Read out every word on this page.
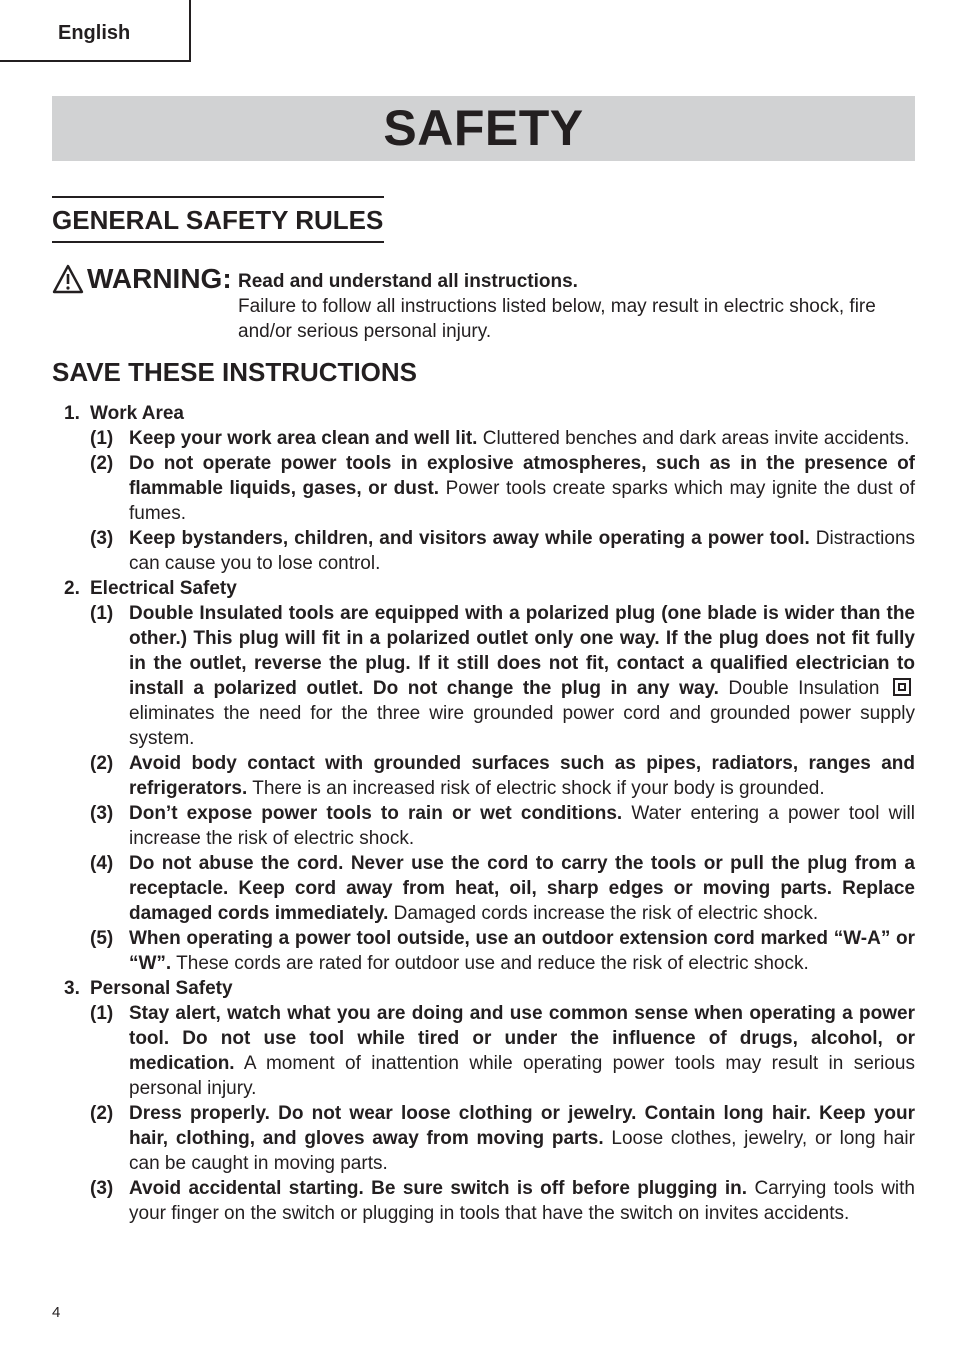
English
SAFETY
GENERAL SAFETY RULES
WARNING: Read and understand all instructions.
Failure to follow all instructions listed below, may result in electric shock, fire and/or serious personal injury.
SAVE THESE INSTRUCTIONS
1. Work Area
(1) Keep your work area clean and well lit. Cluttered benches and dark areas invite accidents.
(2) Do not operate power tools in explosive atmospheres, such as in the presence of flammable liquids, gases, or dust. Power tools create sparks which may ignite the dust of fumes.
(3) Keep bystanders, children, and visitors away while operating a power tool. Distractions can cause you to lose control.
2. Electrical Safety
(1) Double Insulated tools are equipped with a polarized plug (one blade is wider than the other.) This plug will fit in a polarized outlet only one way. If the plug does not fit fully in the outlet, reverse the plug. If it still does not fit, contact a qualified electrician to install a polarized outlet. Do not change the plug in any way. Double Insulation  eliminates the need for the three wire grounded power cord and grounded power supply system.
(2) Avoid body contact with grounded surfaces such as pipes, radiators, ranges and refrigerators. There is an increased risk of electric shock if your body is grounded.
(3) Don’t expose power tools to rain or wet conditions. Water entering a power tool will increase the risk of electric shock.
(4) Do not abuse the cord. Never use the cord to carry the tools or pull the plug from a receptacle. Keep cord away from heat, oil, sharp edges or moving parts. Replace damaged cords immediately. Damaged cords increase the risk of electric shock.
(5) When operating a power tool outside, use an outdoor extension cord marked “W-A” or “W”. These cords are rated for outdoor use and reduce the risk of electric shock.
3. Personal Safety
(1) Stay alert, watch what you are doing and use common sense when operating a power tool. Do not use tool while tired or under the influence of drugs, alcohol, or medication. A moment of inattention while operating power tools may result in serious personal injury.
(2) Dress properly. Do not wear loose clothing or jewelry. Contain long hair. Keep your hair, clothing, and gloves away from moving parts. Loose clothes, jewelry, or long hair can be caught in moving parts.
(3) Avoid accidental starting. Be sure switch is off before plugging in. Carrying tools with your finger on the switch or plugging in tools that have the switch on invites accidents.
4
